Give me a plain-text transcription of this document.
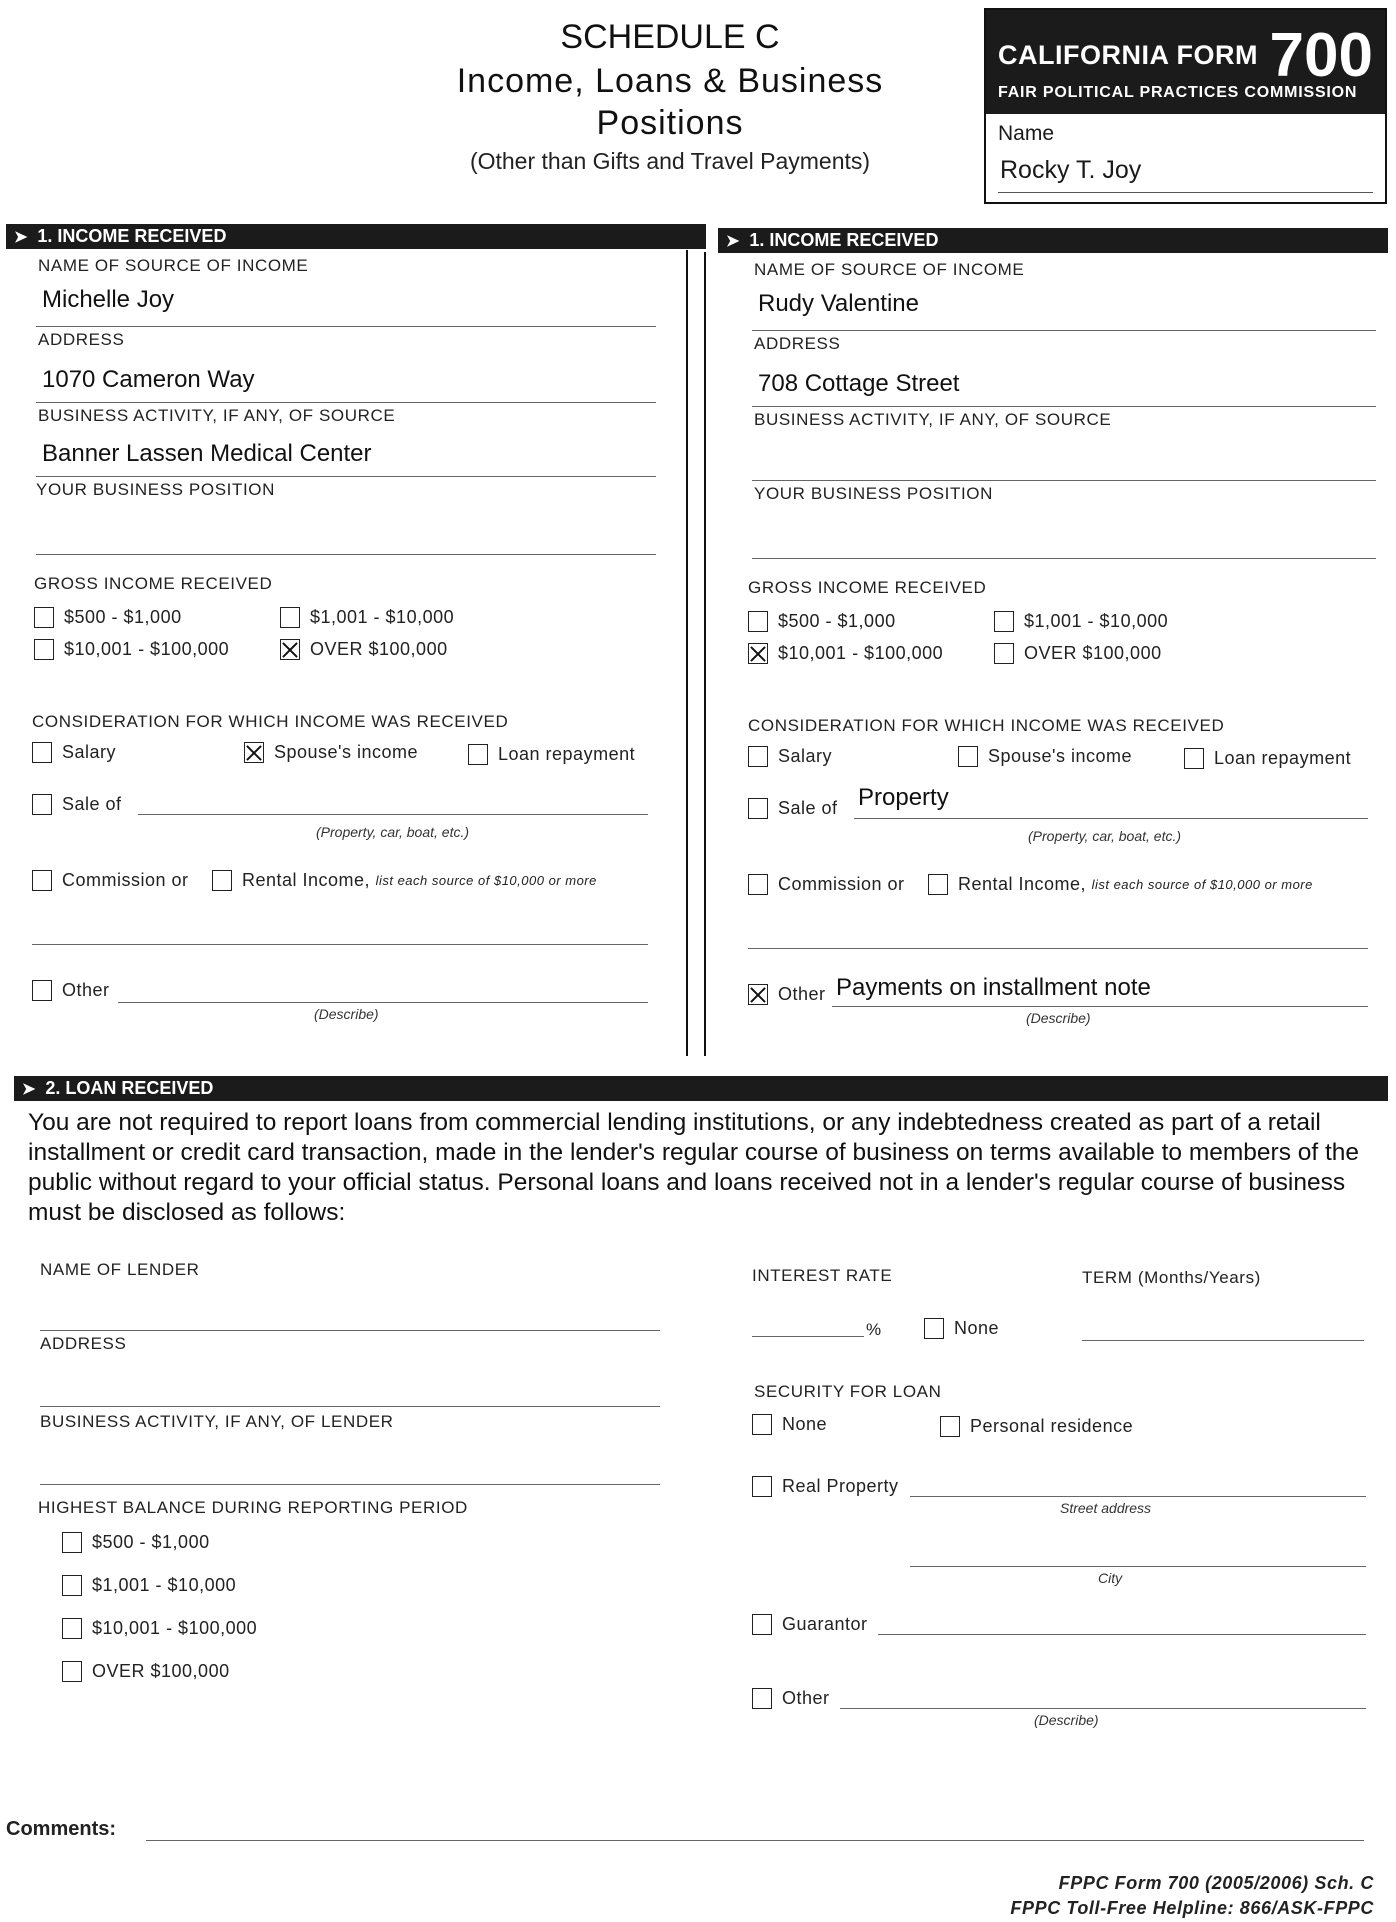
SCHEDULE C
Income, Loans & Business
Positions
(Other than Gifts and Travel Payments)
CALIFORNIA FORM 700
FAIR POLITICAL PRACTICES COMMISSION
Name
Rocky T. Joy
➤ 1. INCOME RECEIVED	➤ 1. INCOME RECEIVED
NAME OF SOURCE OF INCOME
Michelle Joy
ADDRESS
1070 Cameron Way
BUSINESS ACTIVITY, IF ANY, OF SOURCE
Banner Lassen Medical Center
YOUR BUSINESS POSITION
GROSS INCOME RECEIVED
$500 - $1,000	$1,001 - $10,000
$10,001 - $100,000	OVER $100,000
CONSIDERATION FOR WHICH INCOME WAS RECEIVED
Salary	Spouse's income	Loan repayment
Sale of
(Property, car, boat, etc.)
Commission or	Rental Income,
list each source of $10,000 or more
Other
(Describe)
NAME OF SOURCE OF INCOME
Rudy Valentine
ADDRESS
708 Cottage Street
BUSINESS ACTIVITY, IF ANY, OF SOURCE
YOUR BUSINESS POSITION
GROSS INCOME RECEIVED
$500 - $1,000	$1,001 - $10,000
$10,001 - $100,000	OVER $100,000
CONSIDERATION FOR WHICH INCOME WAS RECEIVED
Salary	Spouse's income	Loan repayment
Sale of Property
(Property, car, boat, etc.)
Commission or	Rental Income,
list each source of $10,000 or more
Other Payments on installment note
(Describe)
➤ 2. LOAN RECEIVED
You are not required to report loans from commercial lending institutions, or any indebtedness created as part of a retail installment or credit card transaction, made in the lender's regular course of business on terms available to members of the public without regard to your official status. Personal loans and loans received not in a lender's regular course of business must be disclosed as follows:
NAME OF LENDER
ADDRESS
BUSINESS ACTIVITY, IF ANY, OF LENDER
HIGHEST BALANCE DURING REPORTING PERIOD
$500 - $1,000
$1,001 - $10,000
$10,001 - $100,000
OVER $100,000
INTEREST RATE	TERM (Months/Years)
%	None
SECURITY FOR LOAN
None	Personal residence
Real Property
Street address
City
Guarantor
Other
(Describe)
Comments:
FPPC Form 700 (2005/2006) Sch. C
FPPC Toll-Free Helpline: 866/ASK-FPPC
